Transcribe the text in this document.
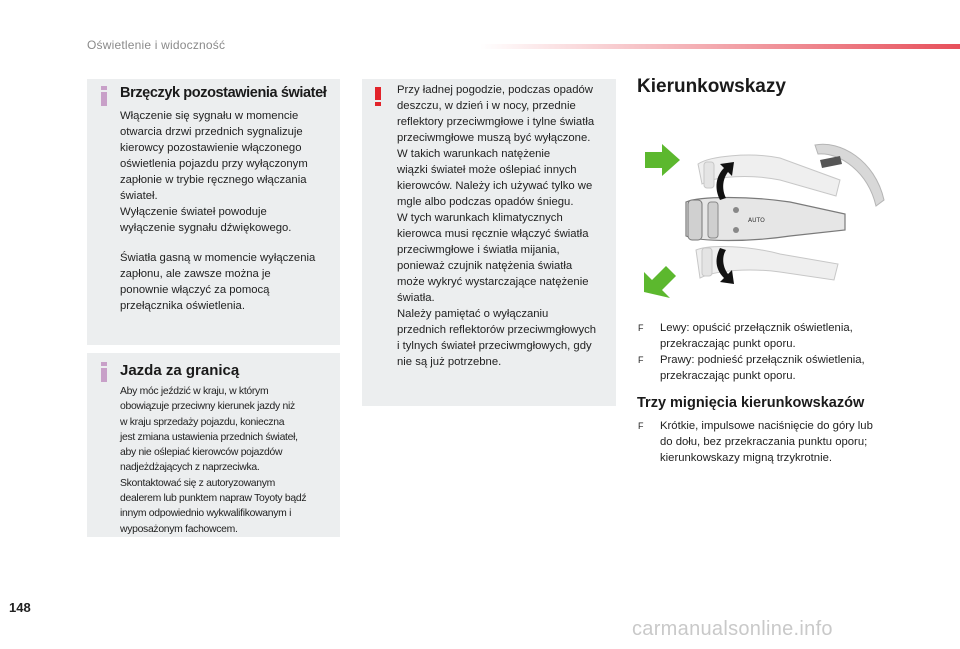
Oświetlenie i widoczność
Brzęczyk pozostawienia świateł
Włączenie się sygnału w momencie
otwarcia drzwi przednich sygnalizuje
kierowcy pozostawienie włączonego
oświetlenia pojazdu przy wyłączonym
zapłonie w trybie ręcznego włączania
świateł.
Wyłączenie świateł powoduje
wyłączenie sygnału dźwiękowego.
Światła gasną w momencie wyłączenia
zapłonu, ale zawsze można je
ponownie włączyć za pomocą
przełącznika oświetlenia.
Jazda za granicą
Aby móc jeździć w kraju, w którym
obowiązuje przeciwny kierunek jazdy niż
w kraju sprzedaży pojazdu, konieczna
jest zmiana ustawienia przednich świateł,
aby nie oślepiać kierowców pojazdów
nadjeżdżających z naprzeciwka.
Skontaktować się z autoryzowanym
dealerem lub punktem napraw Toyoty bądź
innym odpowiednio wykwalifikowanym i
wyposażonym fachowcem.
Przy ładnej pogodzie, podczas opadów
deszczu, w dzień i w nocy, przednie
reflektory przeciwmgłowe i tylne światła
przeciwmgłowe muszą być wyłączone.
W takich warunkach natężenie
wiązki świateł może oślepiać innych
kierowców. Należy ich używać tylko we
mgle albo podczas opadów śniegu.
W tych warunkach klimatycznych
kierowca musi ręcznie włączyć światła
przeciwmgłowe i światła mijania,
ponieważ czujnik natężenia światła
może wykryć wystarczające natężenie
światła.
Należy pamiętać o wyłączaniu
przednich reflektorów przeciwmgłowych
i tylnych świateł przeciwmgłowych, gdy
nie są już potrzebne.
Kierunkowskazy
AUTO
F Lewy: opuścić przełącznik oświetlenia,
przekraczając punkt oporu.
F Prawy: podnieść przełącznik oświetlenia,
przekraczając punkt oporu.
Trzy mignięcia kierunkowskazów
F Krótkie, impulsowe naciśnięcie do góry lub
do dołu, bez przekraczania punktu oporu;
kierunkowskazy migną trzykrotnie.
148
carmanualsonline.info
